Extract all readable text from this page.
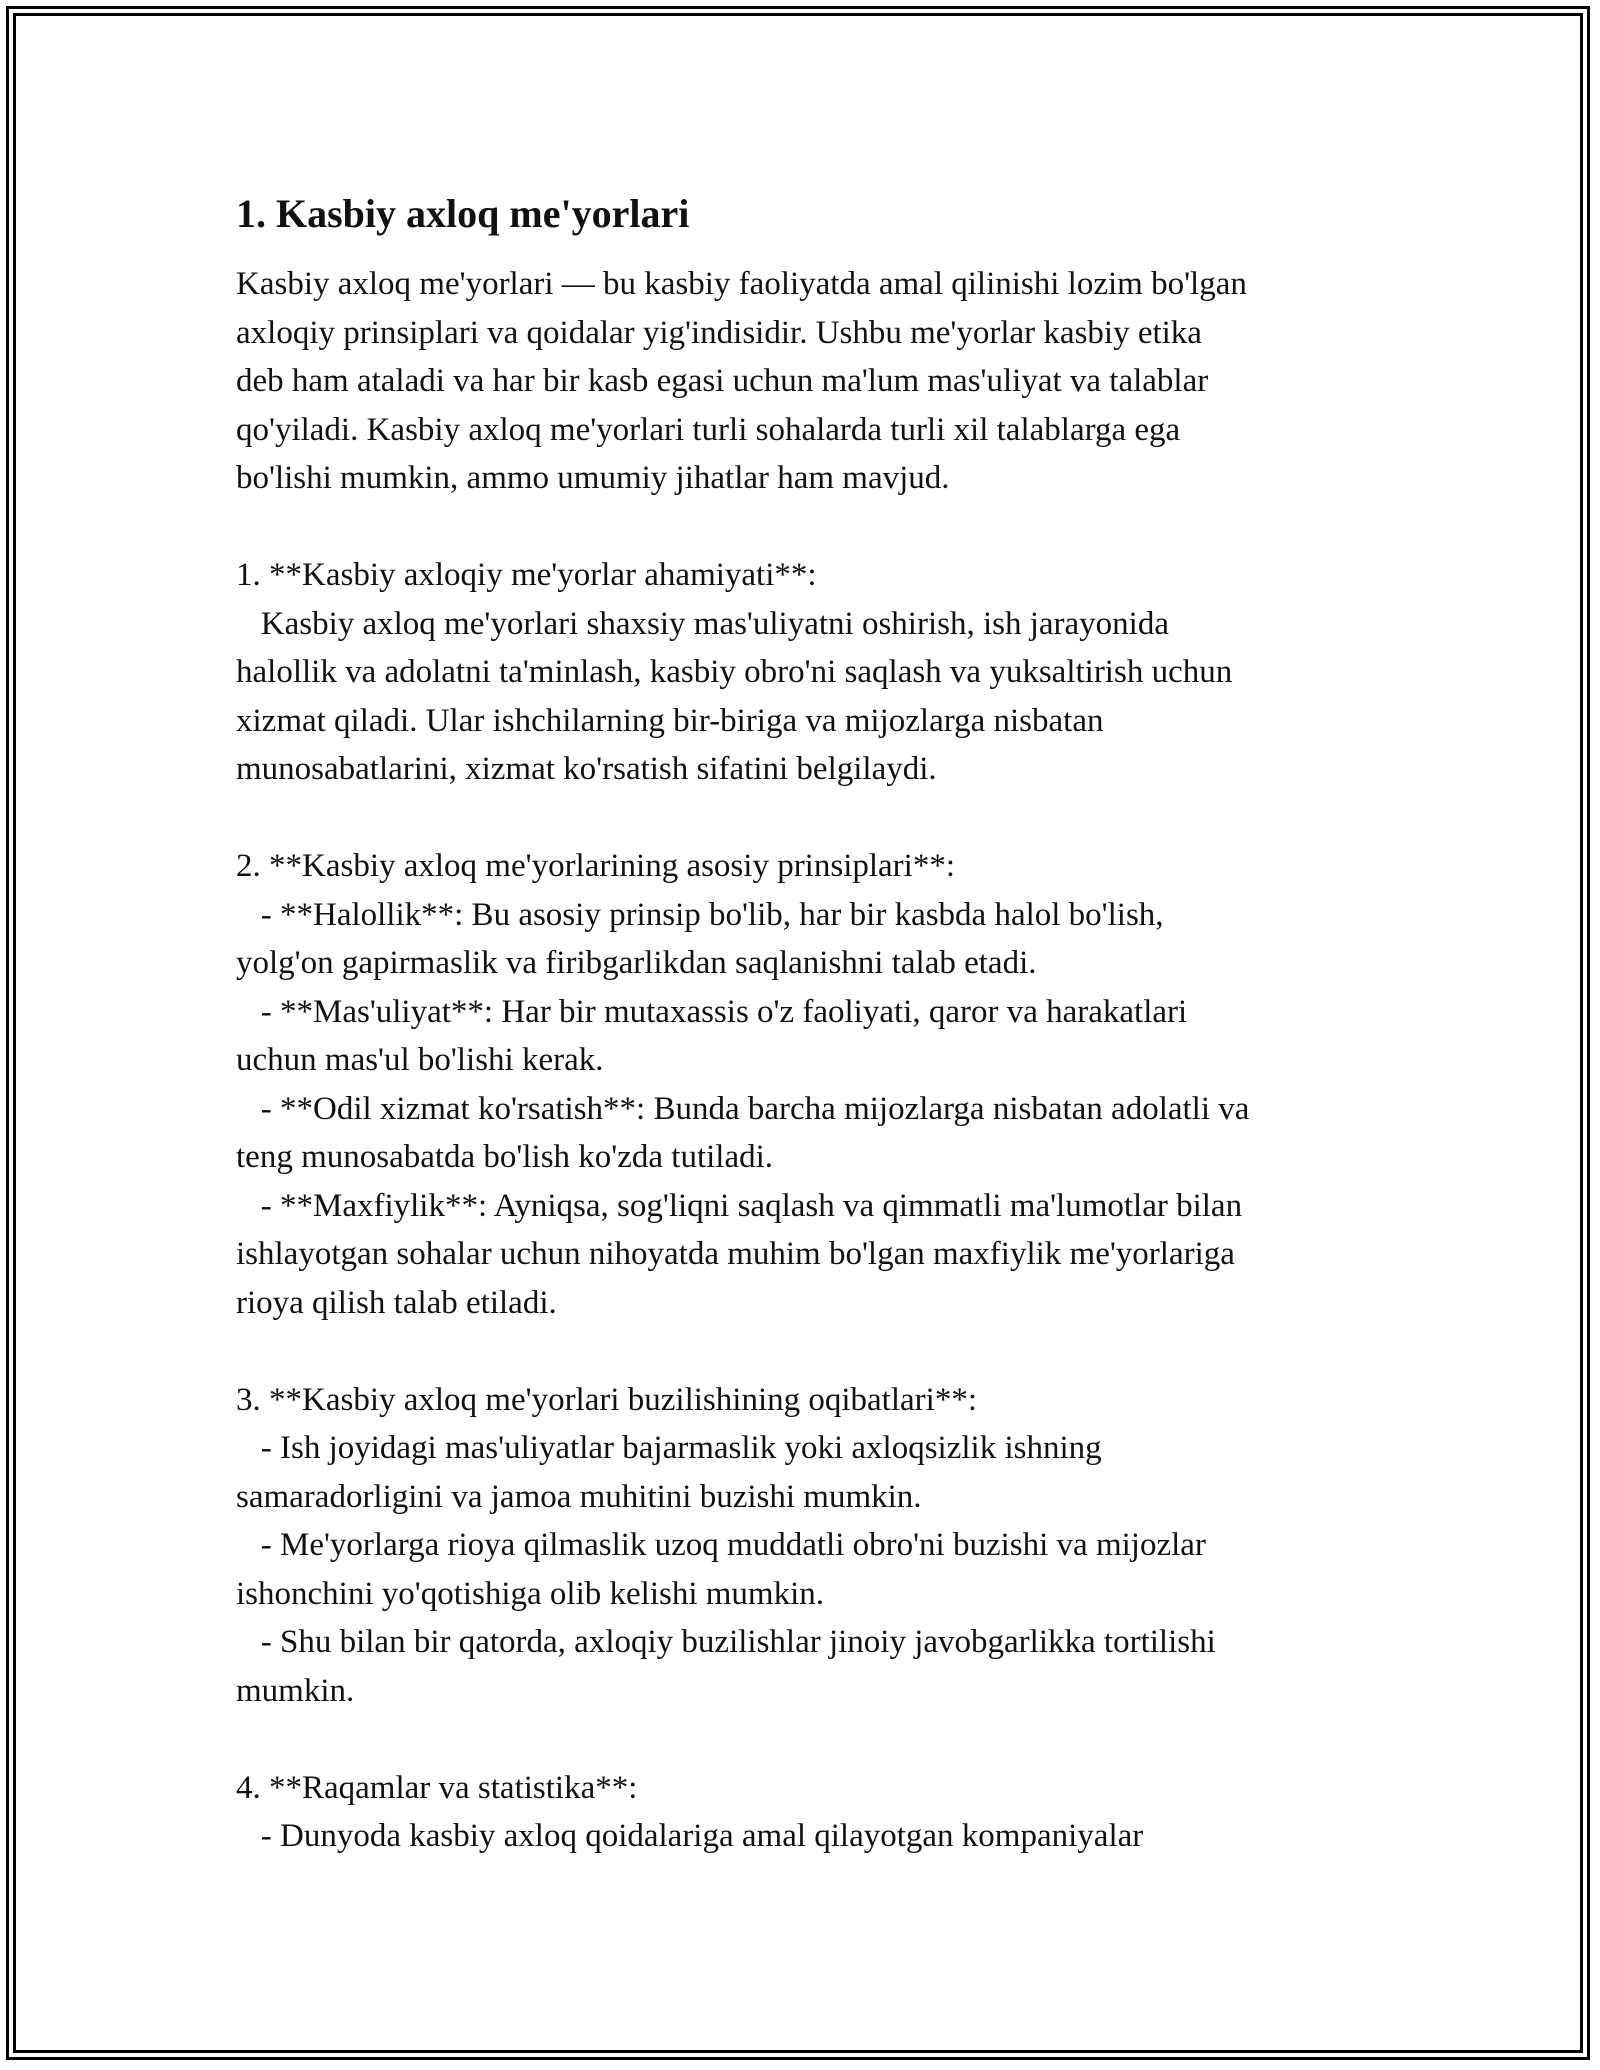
1. Kasbiy axloq me'yorlari
Kasbiy axloq me'yorlari — bu kasbiy faoliyatda amal qilinishi lozim bo'lgan
axloqiy prinsiplari va qoidalar yig'indisidir. Ushbu me'yorlar kasbiy etika
deb ham ataladi va har bir kasb egasi uchun ma'lum mas'uliyat va talablar
qo'yiladi. Kasbiy axloq me'yorlari turli sohalarda turli xil talablarga ega
bo'lishi mumkin, ammo umumiy jihatlar ham mavjud.
1. **Kasbiy axloqiy me'yorlar ahamiyati**:
Kasbiy axloq me'yorlari shaxsiy mas'uliyatni oshirish, ish jarayonida
halollik va adolatni ta'minlash, kasbiy obro'ni saqlash va yuksaltirish uchun
xizmat qiladi. Ular ishchilarning bir-biriga va mijozlarga nisbatan
munosabatlarini, xizmat ko'rsatish sifatini belgilaydi.
2. **Kasbiy axloq me'yorlarining asosiy prinsiplari**:
- **Halollik**: Bu asosiy prinsip bo'lib, har bir kasbda halol bo'lish,
yolg'on gapirmaslik va firibgarlikdan saqlanishni talab etadi.
- **Mas'uliyat**: Har bir mutaxassis o'z faoliyati, qaror va harakatlari
uchun mas'ul bo'lishi kerak.
- **Odil xizmat ko'rsatish**: Bunda barcha mijozlarga nisbatan adolatli va
teng munosabatda bo'lish ko'zda tutiladi.
- **Maxfiylik**: Ayniqsa, sog'liqni saqlash va qimmatli ma'lumotlar bilan
ishlayotgan sohalar uchun nihoyatda muhim bo'lgan maxfiylik me'yorlariga
rioya qilish talab etiladi.
3. **Kasbiy axloq me'yorlari buzilishining oqibatlari**:
- Ish joyidagi mas'uliyatlar bajarmaslik yoki axloqsizlik ishning
samaradorligini va jamoa muhitini buzishi mumkin.
- Me'yorlarga rioya qilmaslik uzoq muddatli obro'ni buzishi va mijozlar
ishonchini yo'qotishiga olib kelishi mumkin.
- Shu bilan bir qatorda, axloqiy buzilishlar jinoiy javobgarlikka tortilishi
mumkin.
4. **Raqamlar va statistika**:
- Dunyoda kasbiy axloq qoidalariga amal qilayotgan kompaniyalar
